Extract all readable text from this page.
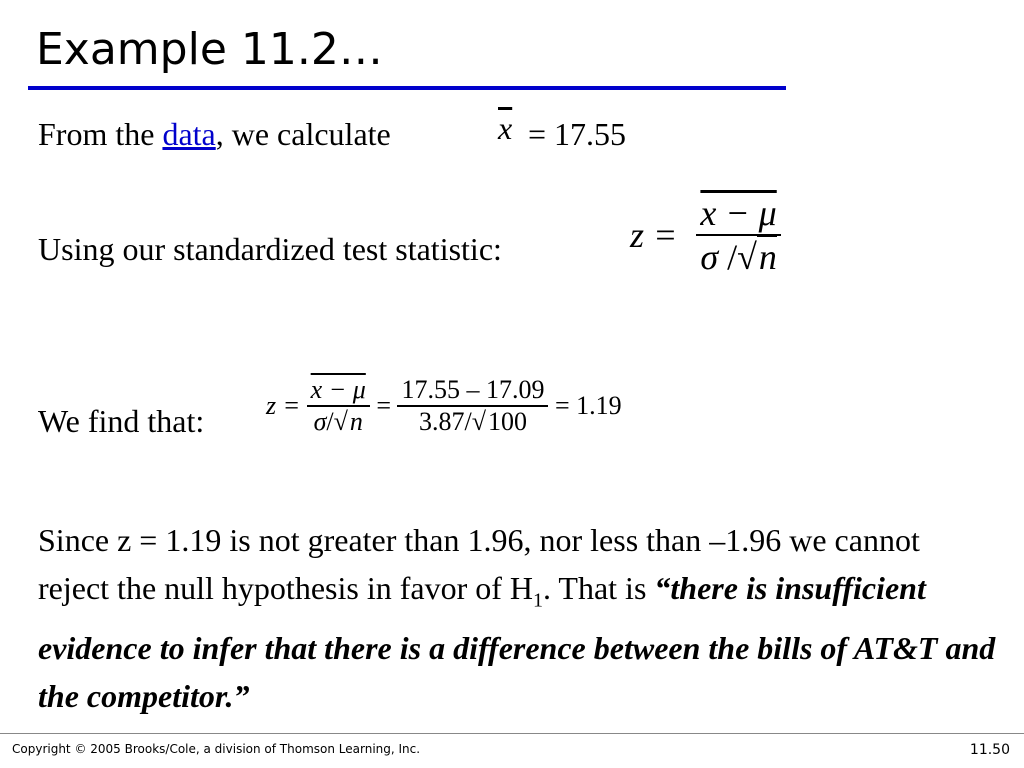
Example 11.2…
From the data, we calculate	$\overline{x} = 17.55$
Using our standardized test statistic:	$z = \frac{x - \mu}{\sigma /√n}$
We find that: $z = \frac{x - \mu}{\sigma/√n} = \frac{17.55 - 17.09}{3.87/√100} = 1.19$
Since z = 1.19 is not greater than 1.96, nor less than –1.96 we cannot reject the null hypothesis in favor of $H_1$. That is “there is insufficient evidence to infer that there is a difference between the bills of AT&T and the competitor.”
Copyright © 2005 Brooks/Cole, a division of Thomson Learning, Inc.	11.50
